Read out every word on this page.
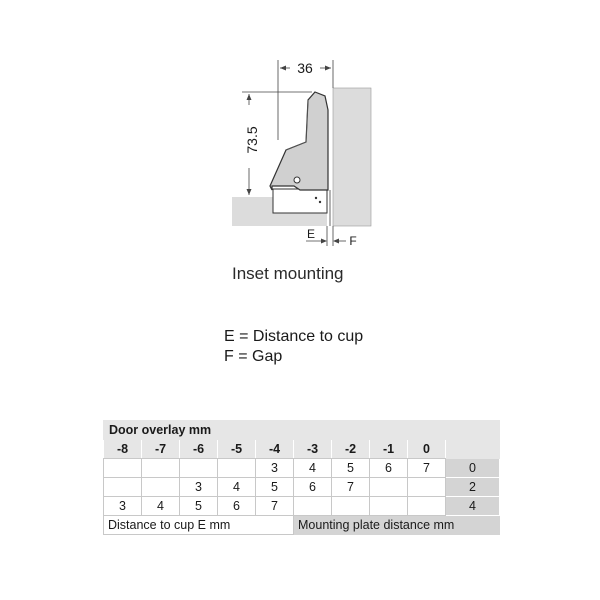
36
73.5
E	F
Inset mounting
E = Distance to cup
F = Gap
Door overlay mm									
-8	-7	-6	-5	-4	-3	-2	-1	0	
				3	4	5	6	7	0
		3	4	5	6	7			2
3	4	5	6	7					4
Distance to cup E mm					Mounting plate distance mm				
